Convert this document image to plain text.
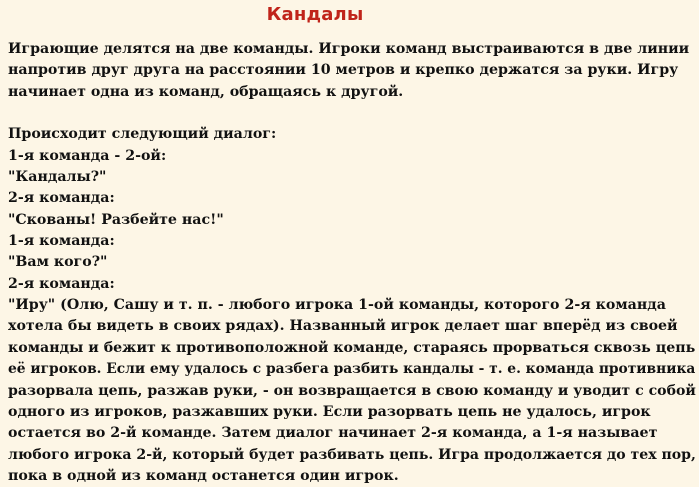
Кандалы

Играющие делятся на две команды. Игроки команд выстраиваются в две линии
напротив друг друга на расстоянии 10 метров и крепко держатся за руки. Игру
начинает одна из команд, обращаясь к другой.

Происходит следующий диалог:
1-я команда - 2-ой:
"Кандалы?"
2-я команда:
"Скованы! Разбейте нас!"
1-я команда:
"Вам кого?"
2-я команда:

"Иру" (Олю, Сашу и т. п. - любого игрока 1-ой команды, которого 2-я команда
хотела бы видеть в своих рядах). Названный игрок делает шаг вперёд из своей
команды и бежит к противоположной команде, стараясь прорваться сквозь цепь
её игроков. Если ему удалось с разбега разбить кандалы - т. е. команда противника
разорвала цепь, разжав руки, - он возвращается в свою команду и уводит с собой
одного из игроков, разжавших руки. Если разорвать цепь не удалось, игрок
остается во 2-й команде. Затем диалог начинает 2-я команда, а 1-я называет
любого игрока 2-й, который будет разбивать цепь. Игра продолжается до тех пор,
пока в одной из команд останется один игрок.
